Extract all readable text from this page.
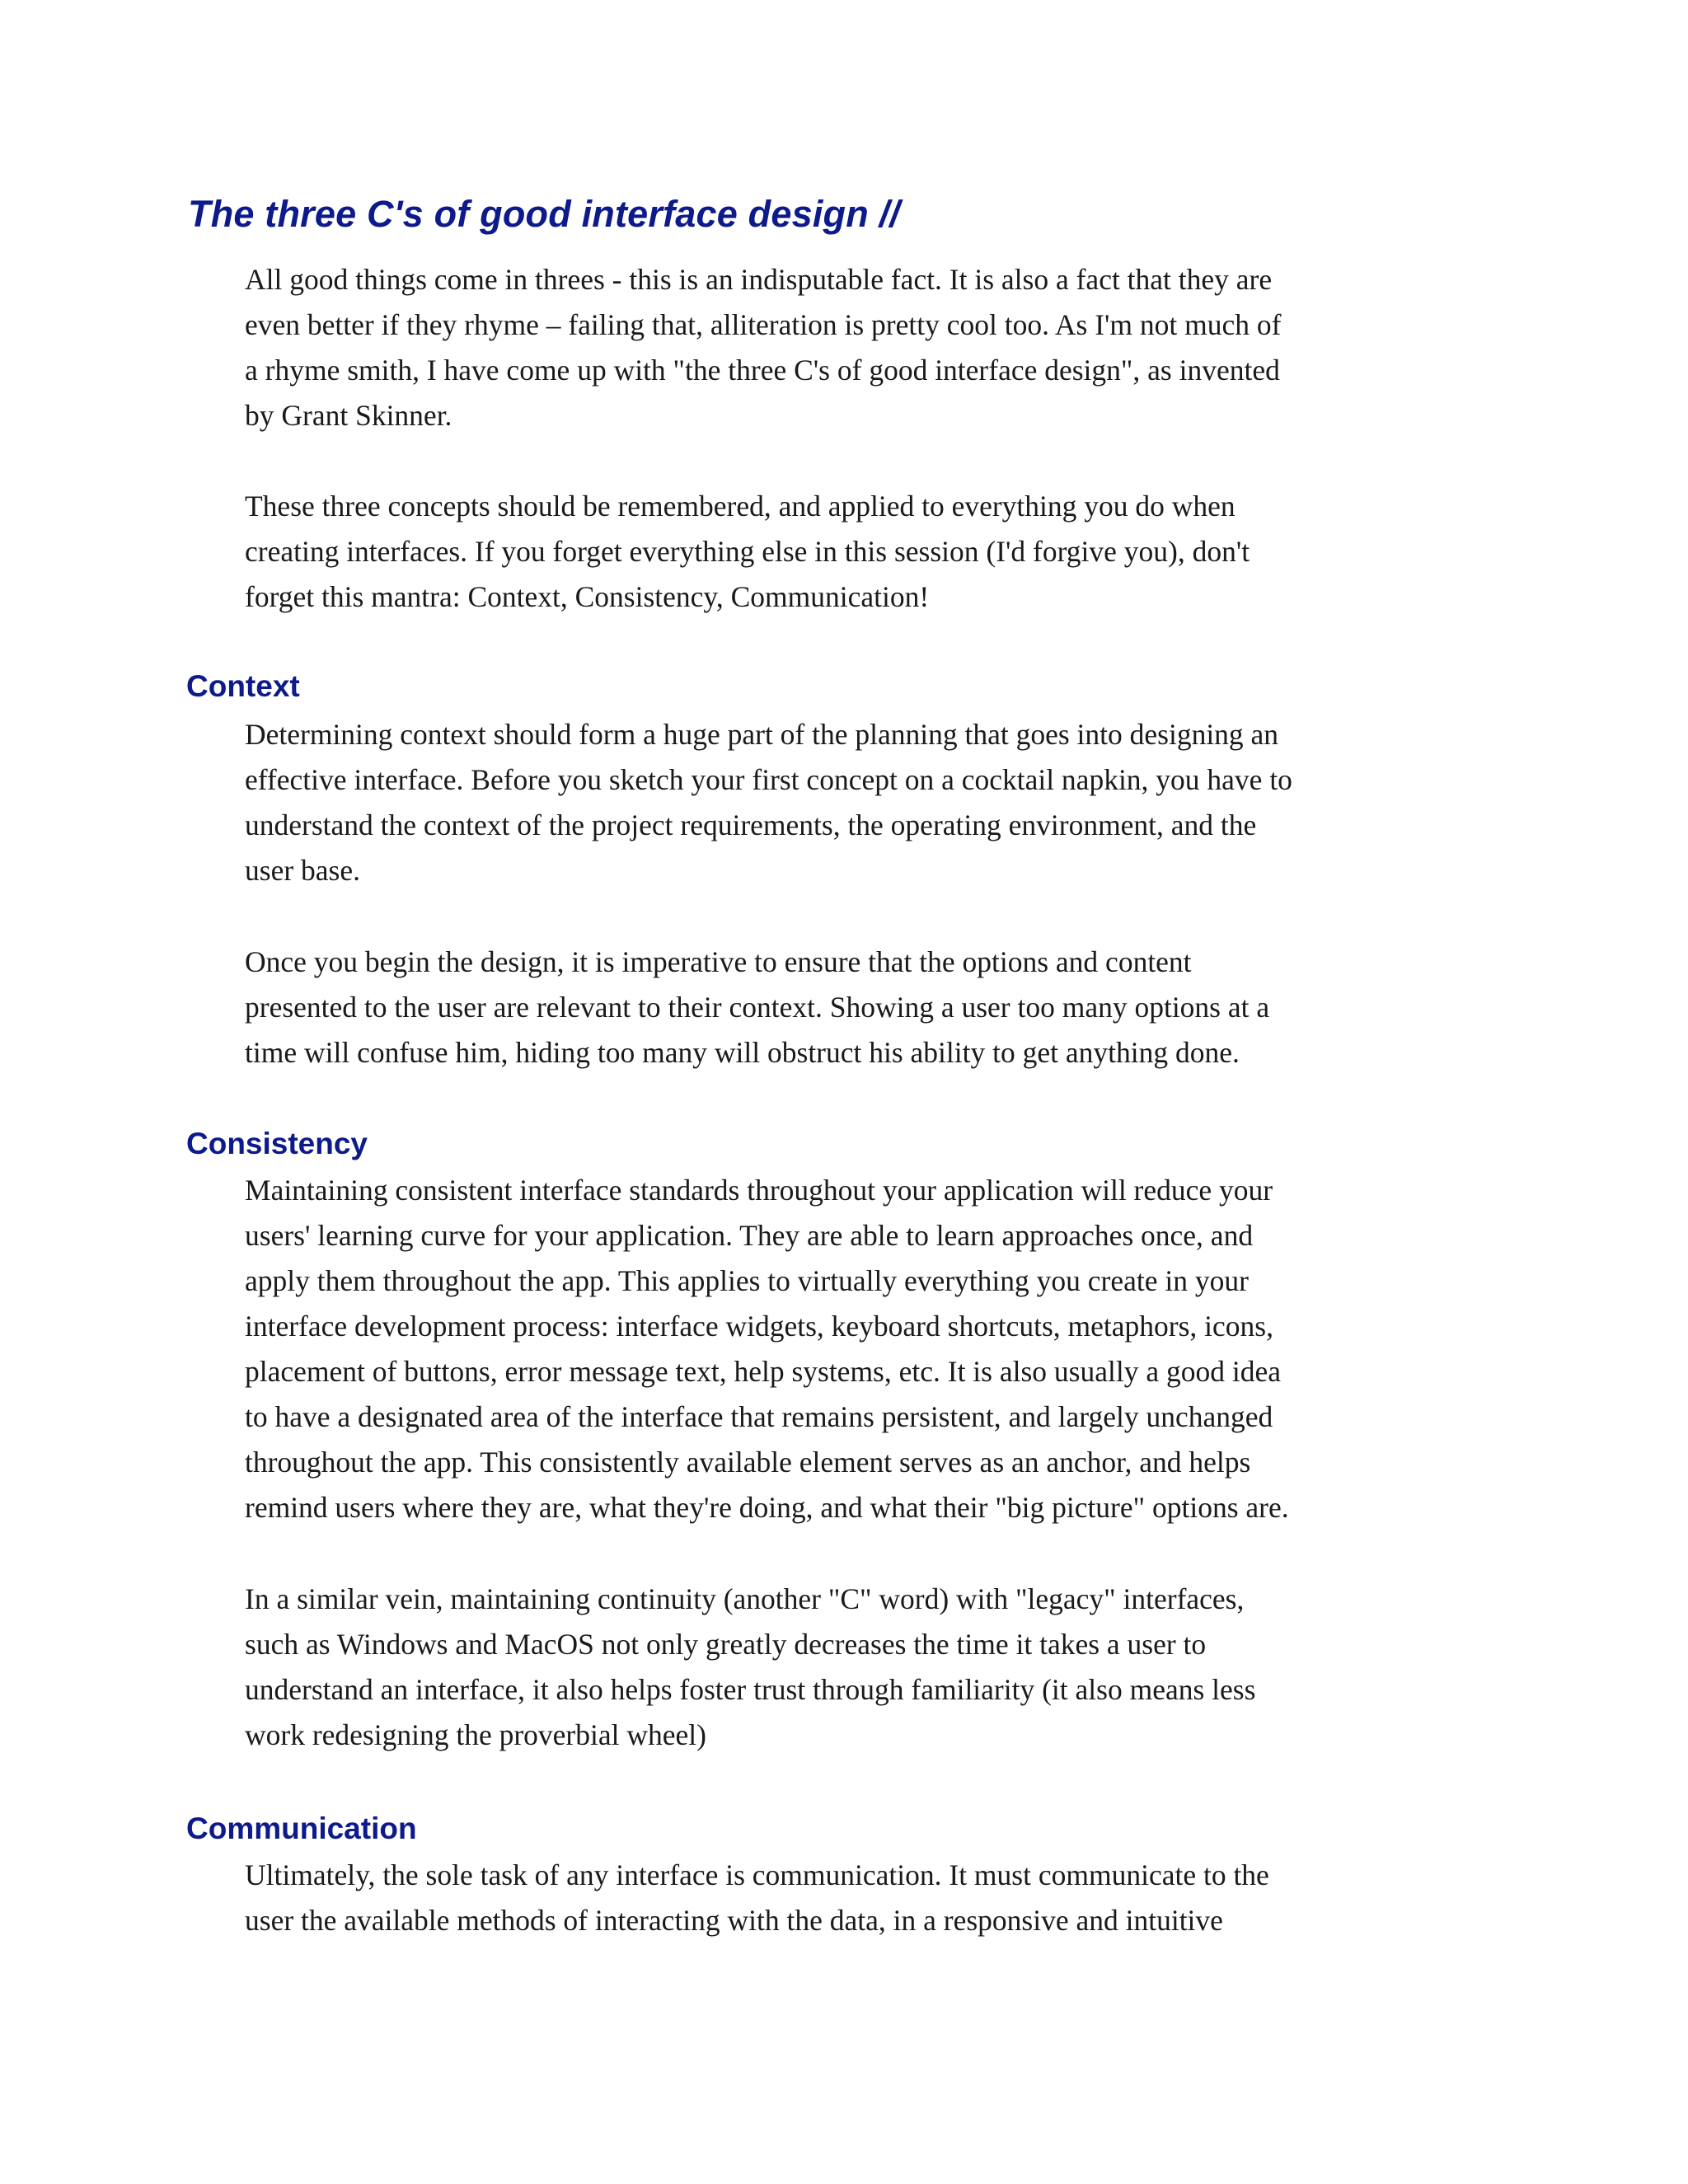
The three C's of good interface design //

All good things come in threes - this is an indisputable fact. It is also a fact that they are
even better if they rhyme – failing that, alliteration is pretty cool too. As I'm not much of
a rhyme smith, I have come up with "the three C's of good interface design", as invented
by Grant Skinner.

These three concepts should be remembered, and applied to everything you do when
creating interfaces. If you forget everything else in this session (I'd forgive you), don't
forget this mantra: Context, Consistency, Communication!

Context

Determining context should form a huge part of the planning that goes into designing an
effective interface. Before you sketch your first concept on a cocktail napkin, you have to
understand the context of the project requirements, the operating environment, and the
user base.

Once you begin the design, it is imperative to ensure that the options and content
presented to the user are relevant to their context. Showing a user too many options at a
time will confuse him, hiding too many will obstruct his ability to get anything done.

Consistency

Maintaining consistent interface standards throughout your application will reduce your
users' learning curve for your application. They are able to learn approaches once, and
apply them throughout the app. This applies to virtually everything you create in your
interface development process: interface widgets, keyboard shortcuts, metaphors, icons,
placement of buttons, error message text, help systems, etc. It is also usually a good idea
to have a designated area of the interface that remains persistent, and largely unchanged
throughout the app. This consistently available element serves as an anchor, and helps
remind users where they are, what they're doing, and what their "big picture" options are.

In a similar vein, maintaining continuity (another "C" word) with "legacy" interfaces,
such as Windows and MacOS not only greatly decreases the time it takes a user to
understand an interface, it also helps foster trust through familiarity (it also means less
work redesigning the proverbial wheel)

Communication

Ultimately, the sole task of any interface is communication. It must communicate to the
user the available methods of interacting with the data, in a responsive and intuitive
